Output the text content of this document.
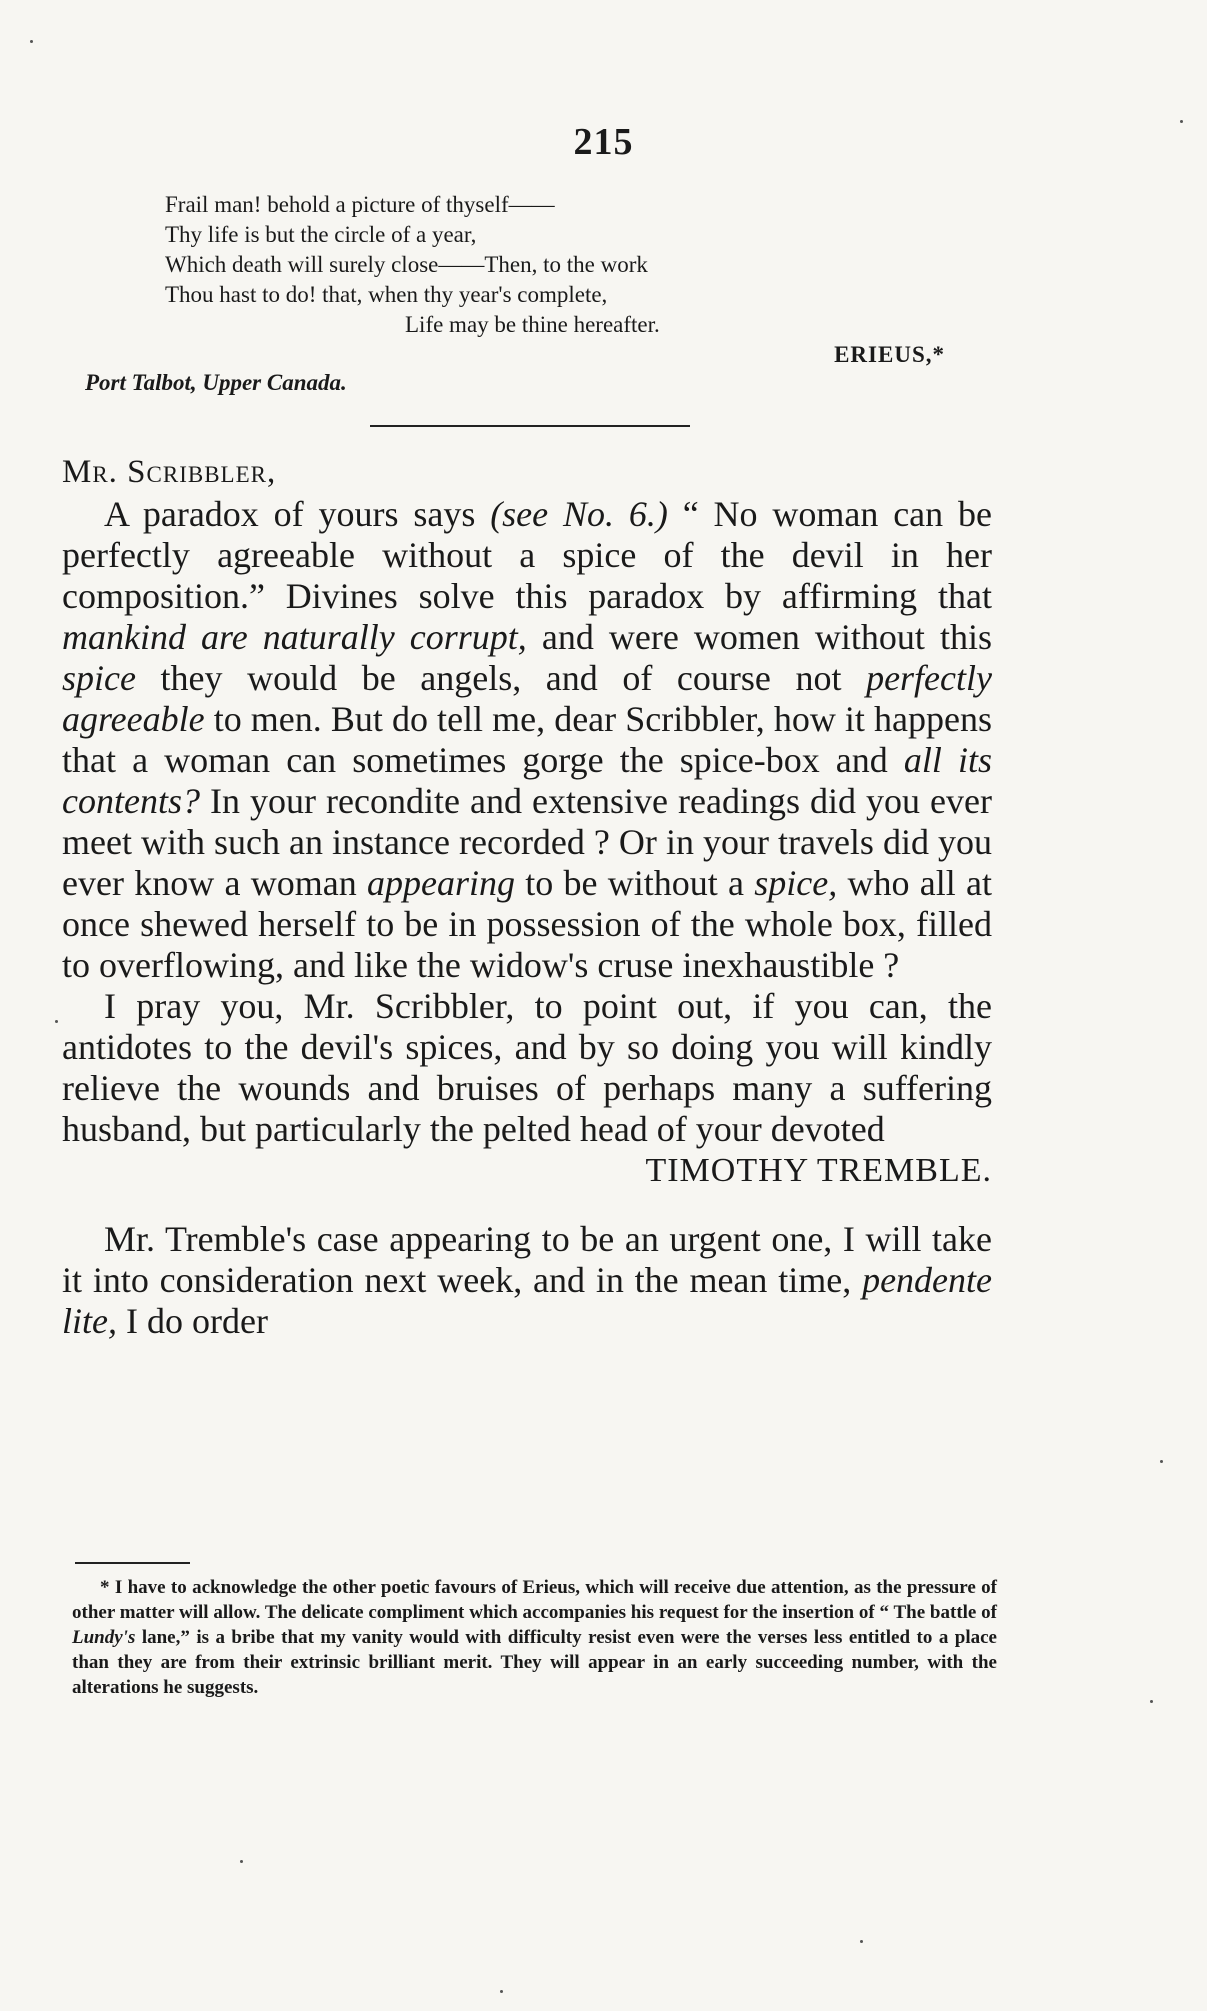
215
Frail man! behold a picture of thyself——
Thy life is but the circle of a year,
Which death will surely close——Then, to the work
Thou hast to do! that, when thy year's complete,
Life may be thine hereafter.
ERIEUS,*
Port Talbot, Upper Canada.
Mr. Scribbler,

A paradox of yours says (see No. 6.) “ No woman can be perfectly agreeable without a spice of the devil in her composition.” Divines solve this paradox by affirming that mankind are naturally corrupt, and were women without this spice they would be angels, and of course not perfectly agreeable to men. But do tell me, dear Scribbler, how it happens that a woman can sometimes gorge the spice-box and all its contents? In your recondite and extensive readings did you ever meet with such an instance recorded ? Or in your travels did you ever know a woman appearing to be without a spice, who all at once shewed herself to be in possession of the whole box, filled to overflowing, and like the widow's cruse inexhaustible ?

I pray you, Mr. Scribbler, to point out, if you can, the antidotes to the devil's spices, and by so doing you will kindly relieve the wounds and bruises of perhaps many a suffering husband, but particularly the pelted head of your devoted

TIMOTHY TREMBLE.

Mr. Tremble's case appearing to be an urgent one, I will take it into consideration next week, and in the mean time, pendente lite, I do order

* I have to acknowledge the other poetic favours of Erieus, which will receive due attention, as the pressure of other matter will allow. The delicate compliment which accompanies his request for the insertion of “ The battle of Lundy's lane,” is a bribe that my vanity would with difficulty resist even were the verses less entitled to a place than they are from their extrinsic brilliant merit. They will appear in an early succeeding number, with the alterations he suggests.
